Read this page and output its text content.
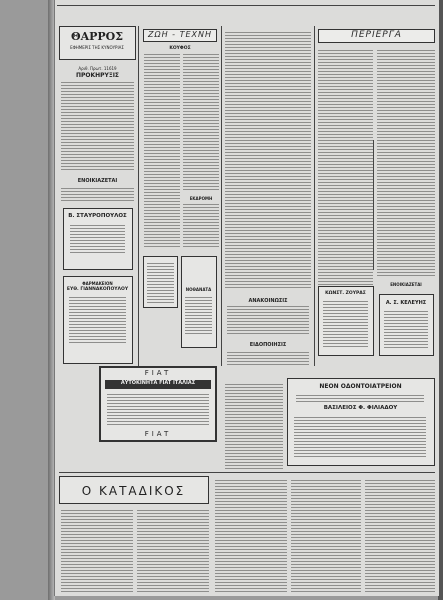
ΘΑΡΡΟΣ
ΕΦΗΜΕΡΙΣ ΤΗΣ ΚΥΝΟΥΡΙΑΣ
Αριθ. Πρωτ. 11619
ΠΡΟΚΗΡΥΞΙΣ
ΕΝΟΙΚΙΑΖΕΤΑΙ
Β. ΣΤΑΥΡΟΠΟΥΛΟΣ
ΦΑΡΜΑΚΕΙΟΝ
ΕΥΘ. ΓΙΑΝΝΑΚΟΠΟΥΛΟΥ
ΖΩΗ - ΤΕΧΝΗ
ΚΟΥΦΟΣ
ΕΚΔΡΟΜΗ
ΝΟΘΑΝΑΤΑ
ΑΝΑΚΟΙΝΩΣΙΣ
ΕΙΔΟΠΟΙΗΣΙΣ
ΠΕΡΙΕΡΓΑ
ΚΩΝΣΤ. ΖΟΥΡΑΣ
ΕΝΟΙΚΙΑΖΕΤΑΙ
Α. Σ. ΚΕΛΕΥΗΣ
FIAT
ΑΥΤΟΚΙΝΗΤΑ FIAT ΙΤΑΛΙΑΣ
FIAT
ΝΕΟΝ ΟΔΟΝΤΟΙΑΤΡΕΙΟΝ
ΒΑΣΙΛΕΙΟΣ Φ. ΦΙΛΙΑΔΟΥ
Ο ΚΑΤΑΔΙΚΟΣ
